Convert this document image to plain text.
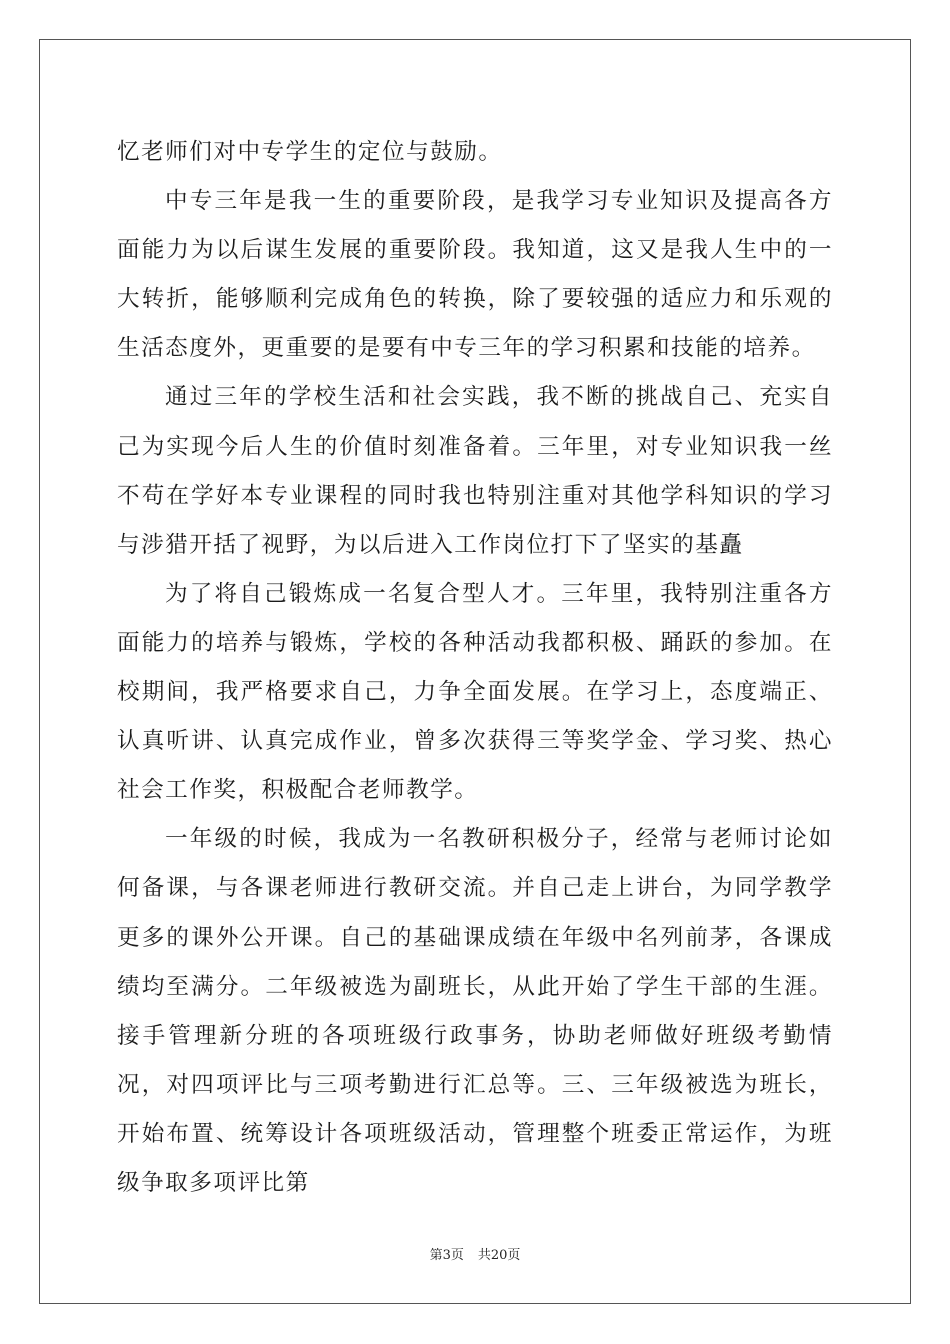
忆老师们对中专学生的定位与鼓励。

中专三年是我一生的重要阶段，是我学习专业知识及提高各方面能力为以后谋生发展的重要阶段。我知道，这又是我人生中的一大转折，能够顺利完成角色的转换，除了要较强的适应力和乐观的生活态度外，更重要的是要有中专三年的学习积累和技能的培养。

通过三年的学校生活和社会实践，我不断的挑战自己、充实自己为实现今后人生的价值时刻准备着。三年里，对专业知识我一丝不苟在学好本专业课程的同时我也特别注重对其他学科知识的学习与涉猎开括了视野，为以后进入工作岗位打下了坚实的基矗

为了将自己锻炼成一名复合型人才。三年里，我特别注重各方面能力的培养与锻炼，学校的各种活动我都积极、踊跃的参加。在校期间，我严格要求自己，力争全面发展。在学习上，态度端正、认真听讲、认真完成作业，曾多次获得三等奖学金、学习奖、热心社会工作奖，积极配合老师教学。

一年级的时候，我成为一名教研积极分子，经常与老师讨论如何备课，与各课老师进行教研交流。并自己走上讲台，为同学教学更多的课外公开课。自己的基础课成绩在年级中名列前茅，各课成绩均至满分。二年级被选为副班长，从此开始了学生干部的生涯。接手管理新分班的各项班级行政事务，协助老师做好班级考勤情况，对四项评比与三项考勤进行汇总等。三、三年级被选为班长，开始布置、统筹设计各项班级活动，管理整个班委正常运作，为班级争取多项评比第

第3页 共20页
